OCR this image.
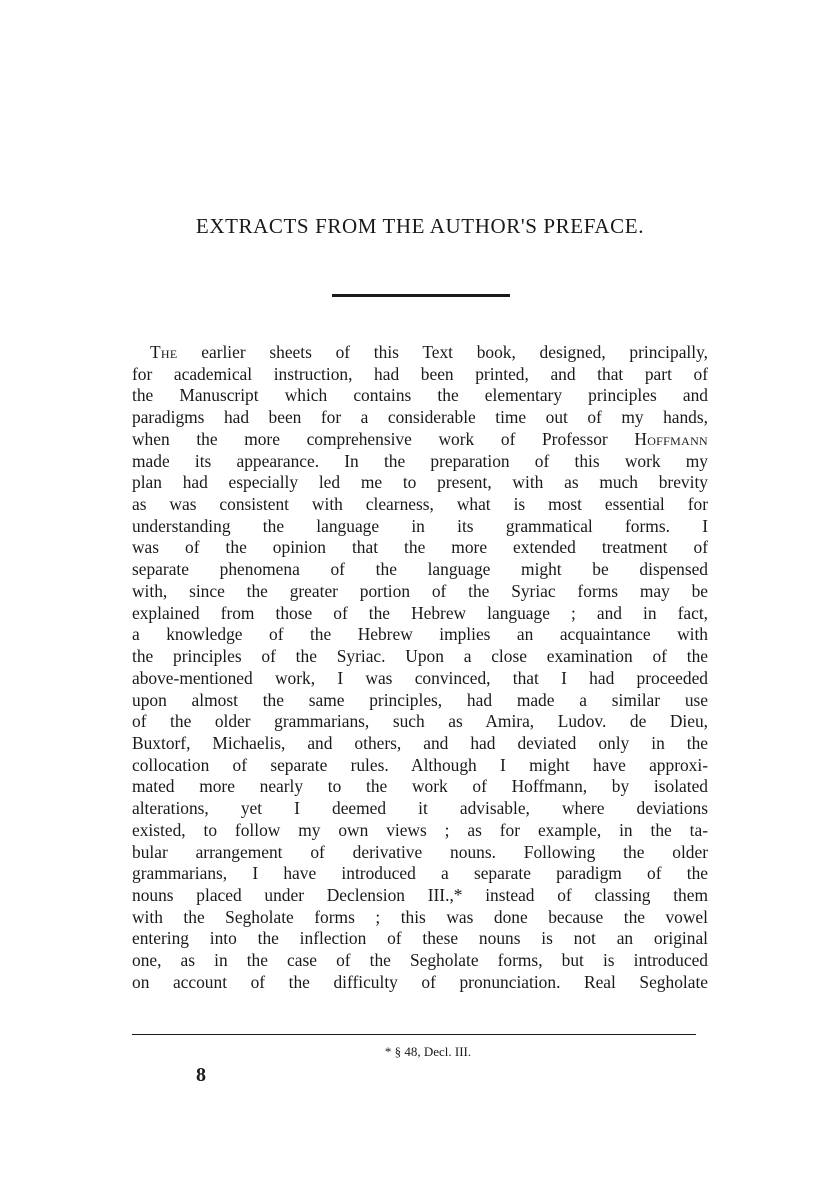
EXTRACTS FROM THE AUTHOR'S PREFACE.
The earlier sheets of this Text book, designed, principally,
for academical instruction, had been printed, and that part of
the Manuscript which contains the elementary principles and
paradigms had been for a considerable time out of my hands,
when the more comprehensive work of Professor Hoffmann
made its appearance. In the preparation of this work my
plan had especially led me to present, with as much brevity
as was consistent with clearness, what is most essential for
understanding the language in its grammatical forms. I
was of the opinion that the more extended treatment of
separate phenomena of the language might be dispensed
with, since the greater portion of the Syriac forms may be
explained from those of the Hebrew language ; and in fact,
a knowledge of the Hebrew implies an acquaintance with
the principles of the Syriac. Upon a close examination of the
above-mentioned work, I was convinced, that I had proceeded
upon almost the same principles, had made a similar use
of the older grammarians, such as Amira, Ludov. de Dieu,
Buxtorf, Michaelis, and others, and had deviated only in the
collocation of separate rules. Although I might have approxi-
mated more nearly to the work of Hoffmann, by isolated
alterations, yet I deemed it advisable, where deviations
existed, to follow my own views ; as for example, in the ta-
bular arrangement of derivative nouns. Following the older
grammarians, I have introduced a separate paradigm of the
nouns placed under Declension III.,* instead of classing them
with the Segholate forms ; this was done because the vowel
entering into the inflection of these nouns is not an original
one, as in the case of the Segholate forms, but is introduced
on account of the difficulty of pronunciation. Real Segholate
* § 48, Decl. III.
8
